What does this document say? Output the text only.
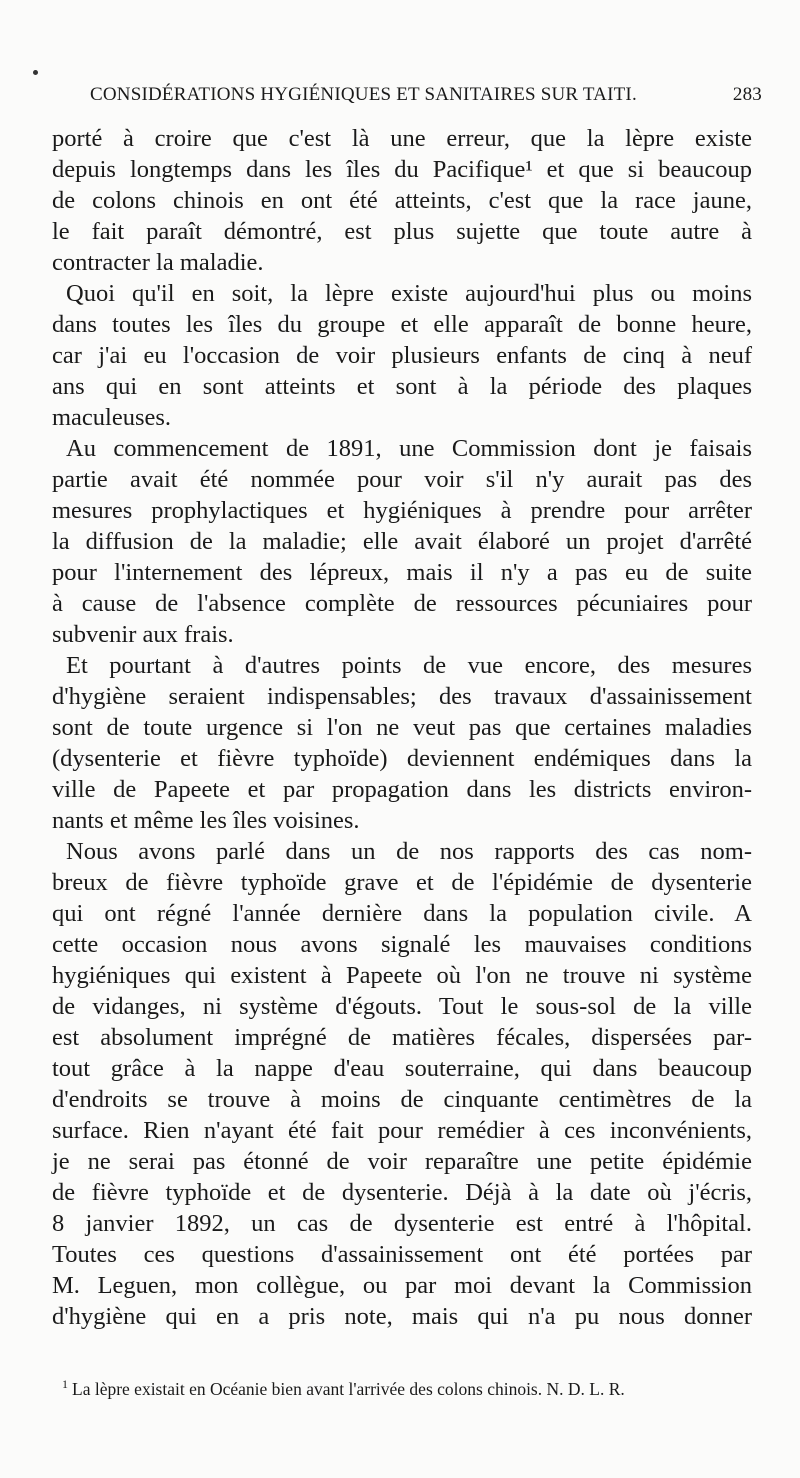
CONSIDÉRATIONS HYGIÉNIQUES ET SANITAIRES SUR TAITI.	283
porté à croire que c'est là une erreur, que la lèpre existe
depuis longtemps dans les îles du Pacifique¹ et que si beaucoup
de colons chinois en ont été atteints, c'est que la race jaune,
le fait paraît démontré, est plus sujette que toute autre à
contracter la maladie.
Quoi qu'il en soit, la lèpre existe aujourd'hui plus ou moins
dans toutes les îles du groupe et elle apparaît de bonne heure,
car j'ai eu l'occasion de voir plusieurs enfants de cinq à neuf
ans qui en sont atteints et sont à la période des plaques
maculeuses.
Au commencement de 1891, une Commission dont je faisais
partie avait été nommée pour voir s'il n'y aurait pas des
mesures prophylactiques et hygiéniques à prendre pour arrêter
la diffusion de la maladie; elle avait élaboré un projet d'arrêté
pour l'internement des lépreux, mais il n'y a pas eu de suite
à cause de l'absence complète de ressources pécuniaires pour
subvenir aux frais.
Et pourtant à d'autres points de vue encore, des mesures
d'hygiène seraient indispensables; des travaux d'assainissement
sont de toute urgence si l'on ne veut pas que certaines maladies
(dysenterie et fièvre typhoïde) deviennent endémiques dans la
ville de Papeete et par propagation dans les districts environ-
nants et même les îles voisines.
Nous avons parlé dans un de nos rapports des cas nom-
breux de fièvre typhoïde grave et de l'épidémie de dysenterie
qui ont régné l'année dernière dans la population civile. A
cette occasion nous avons signalé les mauvaises conditions
hygiéniques qui existent à Papeete où l'on ne trouve ni système
de vidanges, ni système d'égouts. Tout le sous-sol de la ville
est absolument imprégné de matières fécales, dispersées par-
tout grâce à la nappe d'eau souterraine, qui dans beaucoup
d'endroits se trouve à moins de cinquante centimètres de la
surface. Rien n'ayant été fait pour remédier à ces inconvénients,
je ne serai pas étonné de voir reparaître une petite épidémie
de fièvre typhoïde et de dysenterie. Déjà à la date où j'écris,
8 janvier 1892, un cas de dysenterie est entré à l'hôpital.
Toutes ces questions d'assainissement ont été portées par
M. Leguen, mon collègue, ou par moi devant la Commission
d'hygiène qui en a pris note, mais qui n'a pu nous donner
$^1$ La lèpre existait en Océanie bien avant l'arrivée des colons chinois. N. D. L. R.
